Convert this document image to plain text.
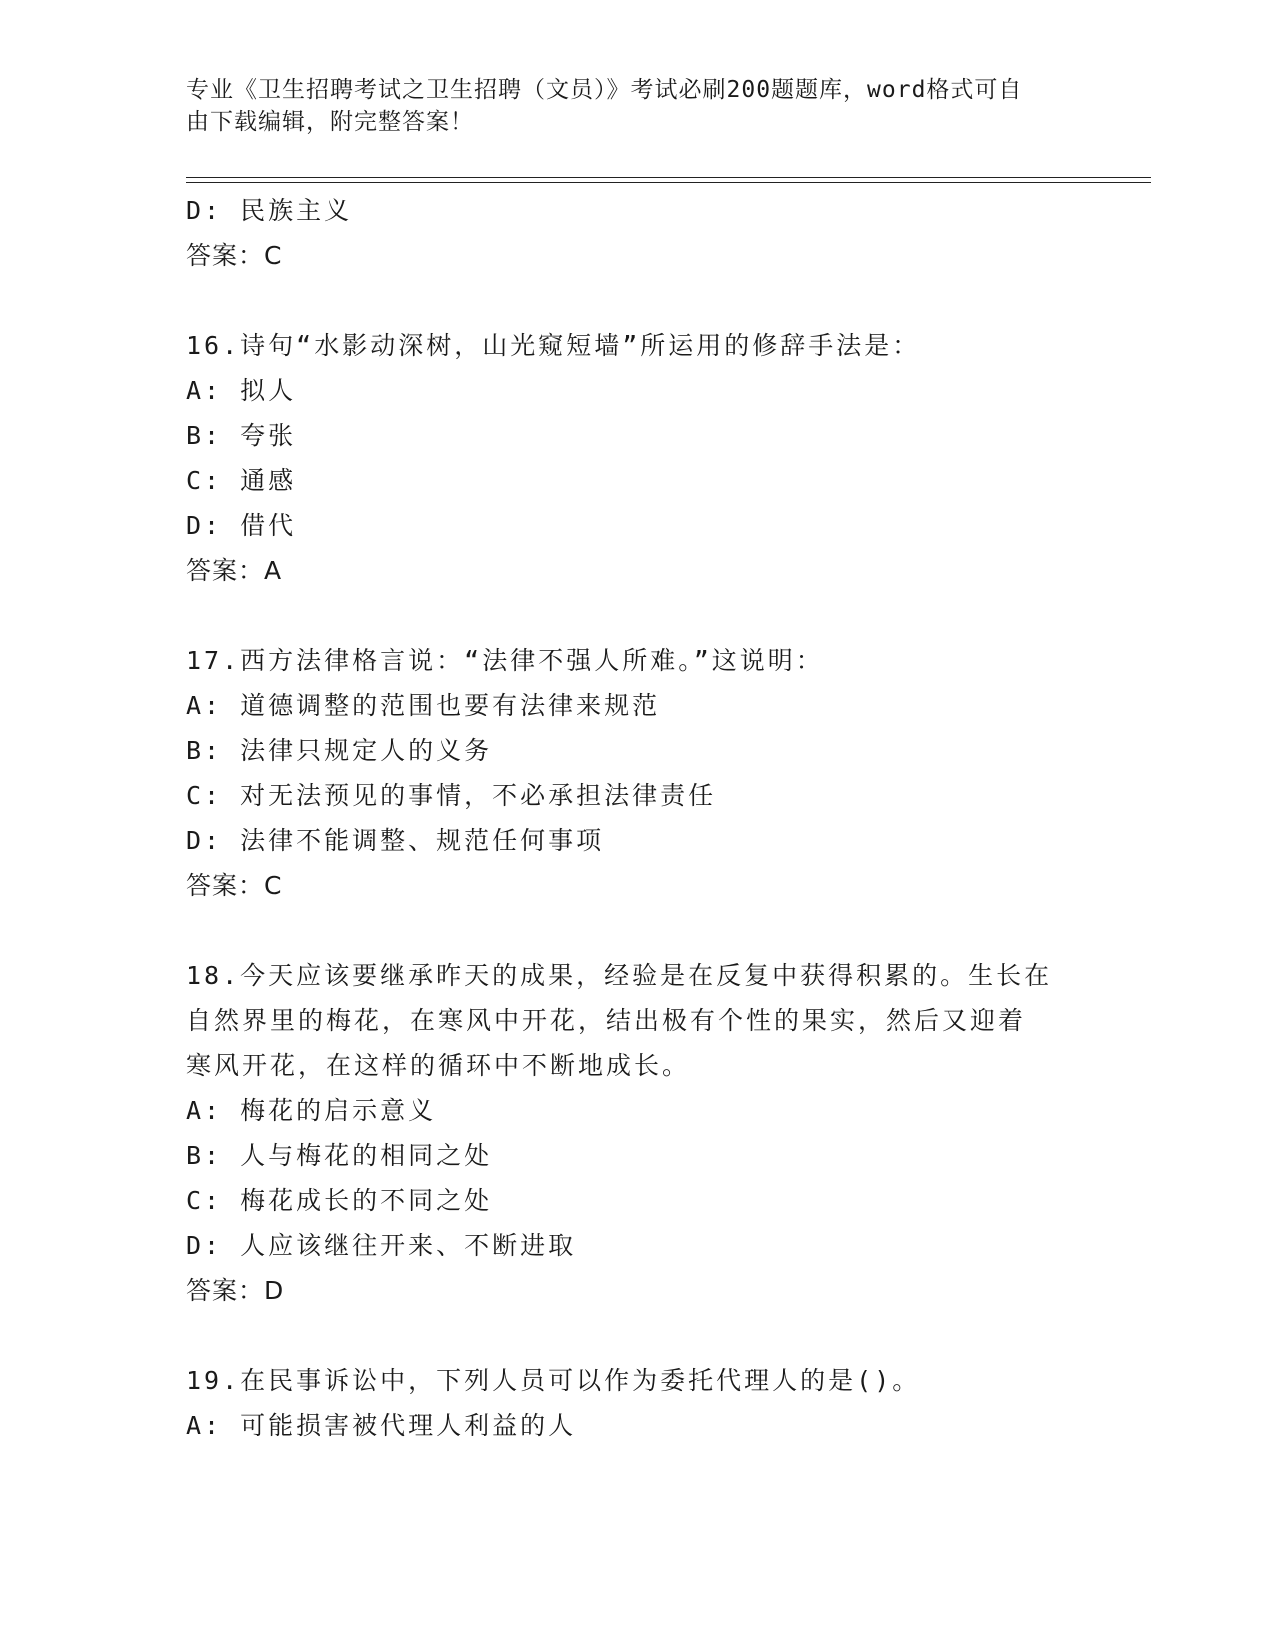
专业《卫生招聘考试之卫生招聘（文员）》考试必刷200题题库，word格式可自
由下载编辑，附完整答案！
D: 民族主义
答案：C
16.诗句“水影动深树，山光窥短墙”所运用的修辞手法是：
A: 拟人
B: 夸张
C: 通感
D: 借代
答案：A
17.西方法律格言说：“法律不强人所难。”这说明：
A: 道德调整的范围也要有法律来规范
B: 法律只规定人的义务
C: 对无法预见的事情，不必承担法律责任
D: 法律不能调整、规范任何事项
答案：C
18.今天应该要继承昨天的成果，经验是在反复中获得积累的。生长在
自然界里的梅花，在寒风中开花，结出极有个性的果实，然后又迎着
寒风开花，在这样的循环中不断地成长。
A: 梅花的启示意义
B: 人与梅花的相同之处
C: 梅花成长的不同之处
D: 人应该继往开来、不断进取
答案：D
19.在民事诉讼中，下列人员可以作为委托代理人的是()。
A: 可能损害被代理人利益的人
